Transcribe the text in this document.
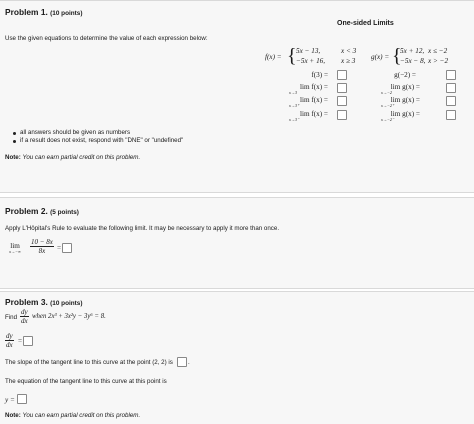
Problem 1. (10 points)
One-sided Limits
Use the given equations to determine the value of each expression below:
f(x) = { 5x − 13,	x < 3
−5x + 16, x ≥ 3 g(x) = {
5x + 12, x ≤ −2
−5x − 8, x > −2
f(3) =
lim f(x) =
x→3
lim f(x) =
x→3⁺
lim f(x) =
x→3⁻
g(−2) =
lim g(x) =
x→−2
lim g(x) =
x→−2⁺
lim g(x) =
x→−2⁻
all answers should be given as numbers
if a result does not exist, respond with "DNE" or "undefined"
Note: You can earn partial credit on this problem.
Problem 2. (5 points)
Apply L'Hôpital's Rule to evaluate the following limit. It may be necessary to apply it more than once.
lim
x→−∞	$\frac{10 - 8x}{8x}$ =
Problem 3. (10 points)
Find $\frac{dy}{dx}$ when 2x³ + 3x²y − 3y⁶ = 8.
$\frac{dy}{dx}$ =
The slope of the tangent line to this curve at the point (2, 2) is .
The equation of the tangent line to this curve at this point is
y =
Note: You can earn partial credit on this problem.
